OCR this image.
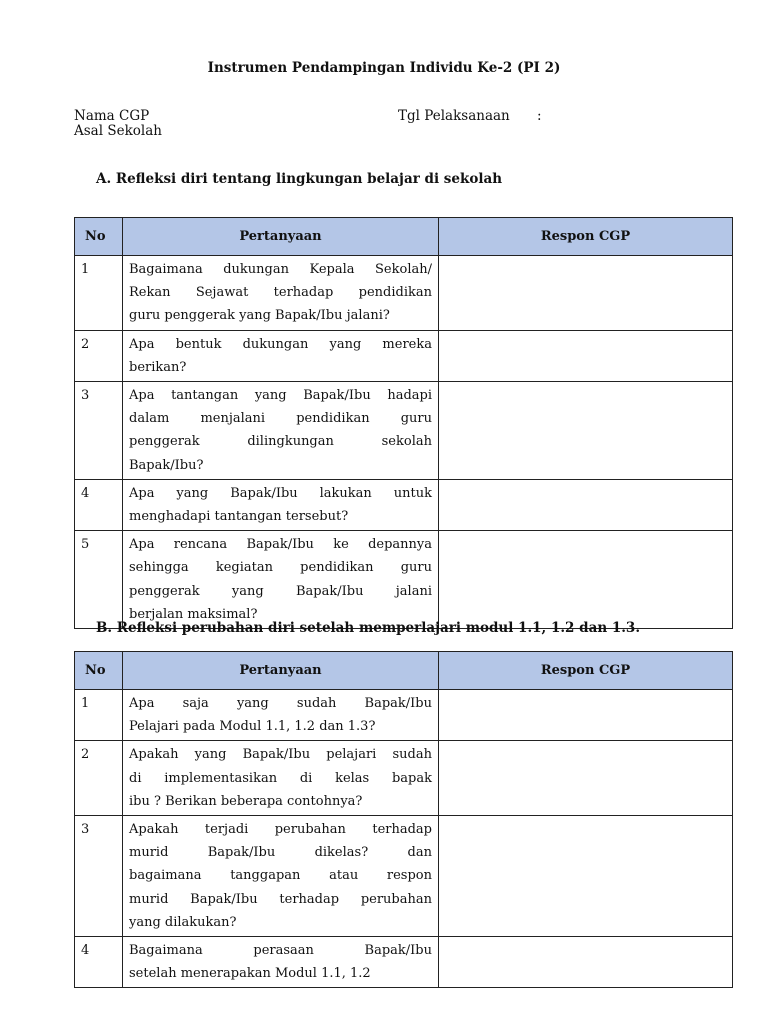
Instrumen Pendampingan Individu Ke-2 (PI 2)
Nama CGP	Tgl Pelaksanaan :
Asal Sekolah
A. Refleksi diri tentang lingkungan belajar di sekolah
No	Pertanyaan	Respon CGP
1	Bagaimana dukungan Kepala Sekolah/
Rekan Sejawat terhadap pendidikan
guru penggerak yang Bapak/Ibu jalani?	

2	Apa bentuk dukungan yang mereka
berikan?	

3	Apa tantangan yang Bapak/Ibu hadapi
dalam menjalani pendidikan guru
penggerak dilingkungan sekolah
Bapak/Ibu?	

4	Apa yang Bapak/Ibu lakukan untuk
menghadapi tantangan tersebut?	

5	Apa rencana Bapak/Ibu ke depannya
sehingga kegiatan pendidikan guru
penggerak yang Bapak/Ibu jalani
berjalan maksimal?	

B. Refleksi perubahan diri setelah memperlajari modul 1.1, 1.2 dan 1.3.
No	Pertanyaan	Respon CGP
1	Apa saja yang sudah Bapak/Ibu
Pelajari pada Modul 1.1, 1.2 dan 1.3?	

2	Apakah yang Bapak/Ibu pelajari sudah
di implementasikan di kelas bapak
ibu ? Berikan beberapa contohnya?	

3	Apakah terjadi perubahan terhadap
murid Bapak/Ibu dikelas? dan
bagaimana tanggapan atau respon
murid Bapak/Ibu terhadap perubahan
yang dilakukan?	

4	Bagaimana perasaan Bapak/Ibu
setelah menerapakan Modul 1.1, 1.2	
